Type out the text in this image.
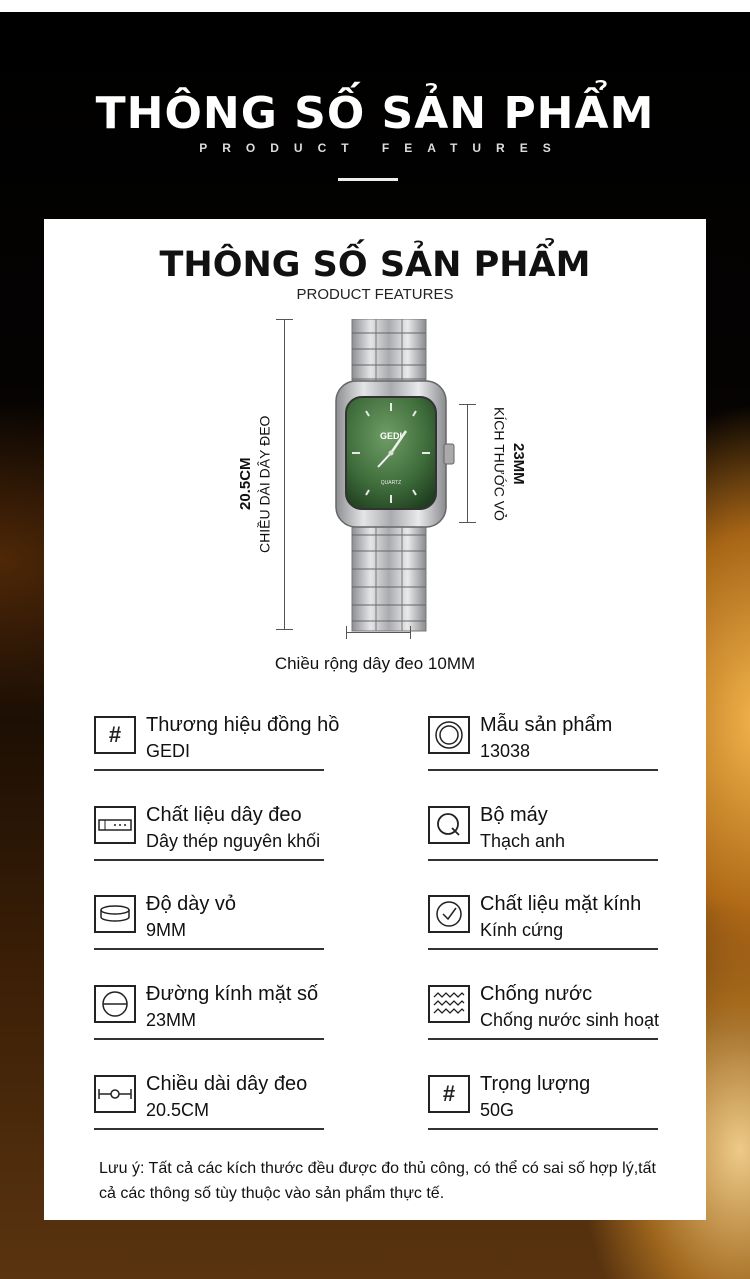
THÔNG SỐ SẢN PHẨM
PRODUCT FEATURES
THÔNG SỐ SẢN PHẨM
PRODUCT FEATURES
20.5CM CHIỀU DÀI DÂY ĐEO	23MM
KÍCH THƯỚC VỎ
GEDI
QUARTZ
Chiều rộng dây đeo 10MM
# Thương hiệu đồng hồ
GEDI
Chất liệu dây đeo
Dây thép nguyên khối
Độ dày vỏ
9MM
Đường kính mặt số
23MM
Chiều dài dây đeo
20.5CM
Mẫu sản phẩm
13038
Bộ máy
Thạch anh
Chất liệu mặt kính
Kính cứng
Chống nước
Chống nước sinh hoạt
# Trọng lượng
50G
Lưu ý: Tất cả các kích thước đều được đo thủ công, có thể có sai số hợp lý,tất cả các thông số tùy thuộc vào sản phẩm thực tế.
